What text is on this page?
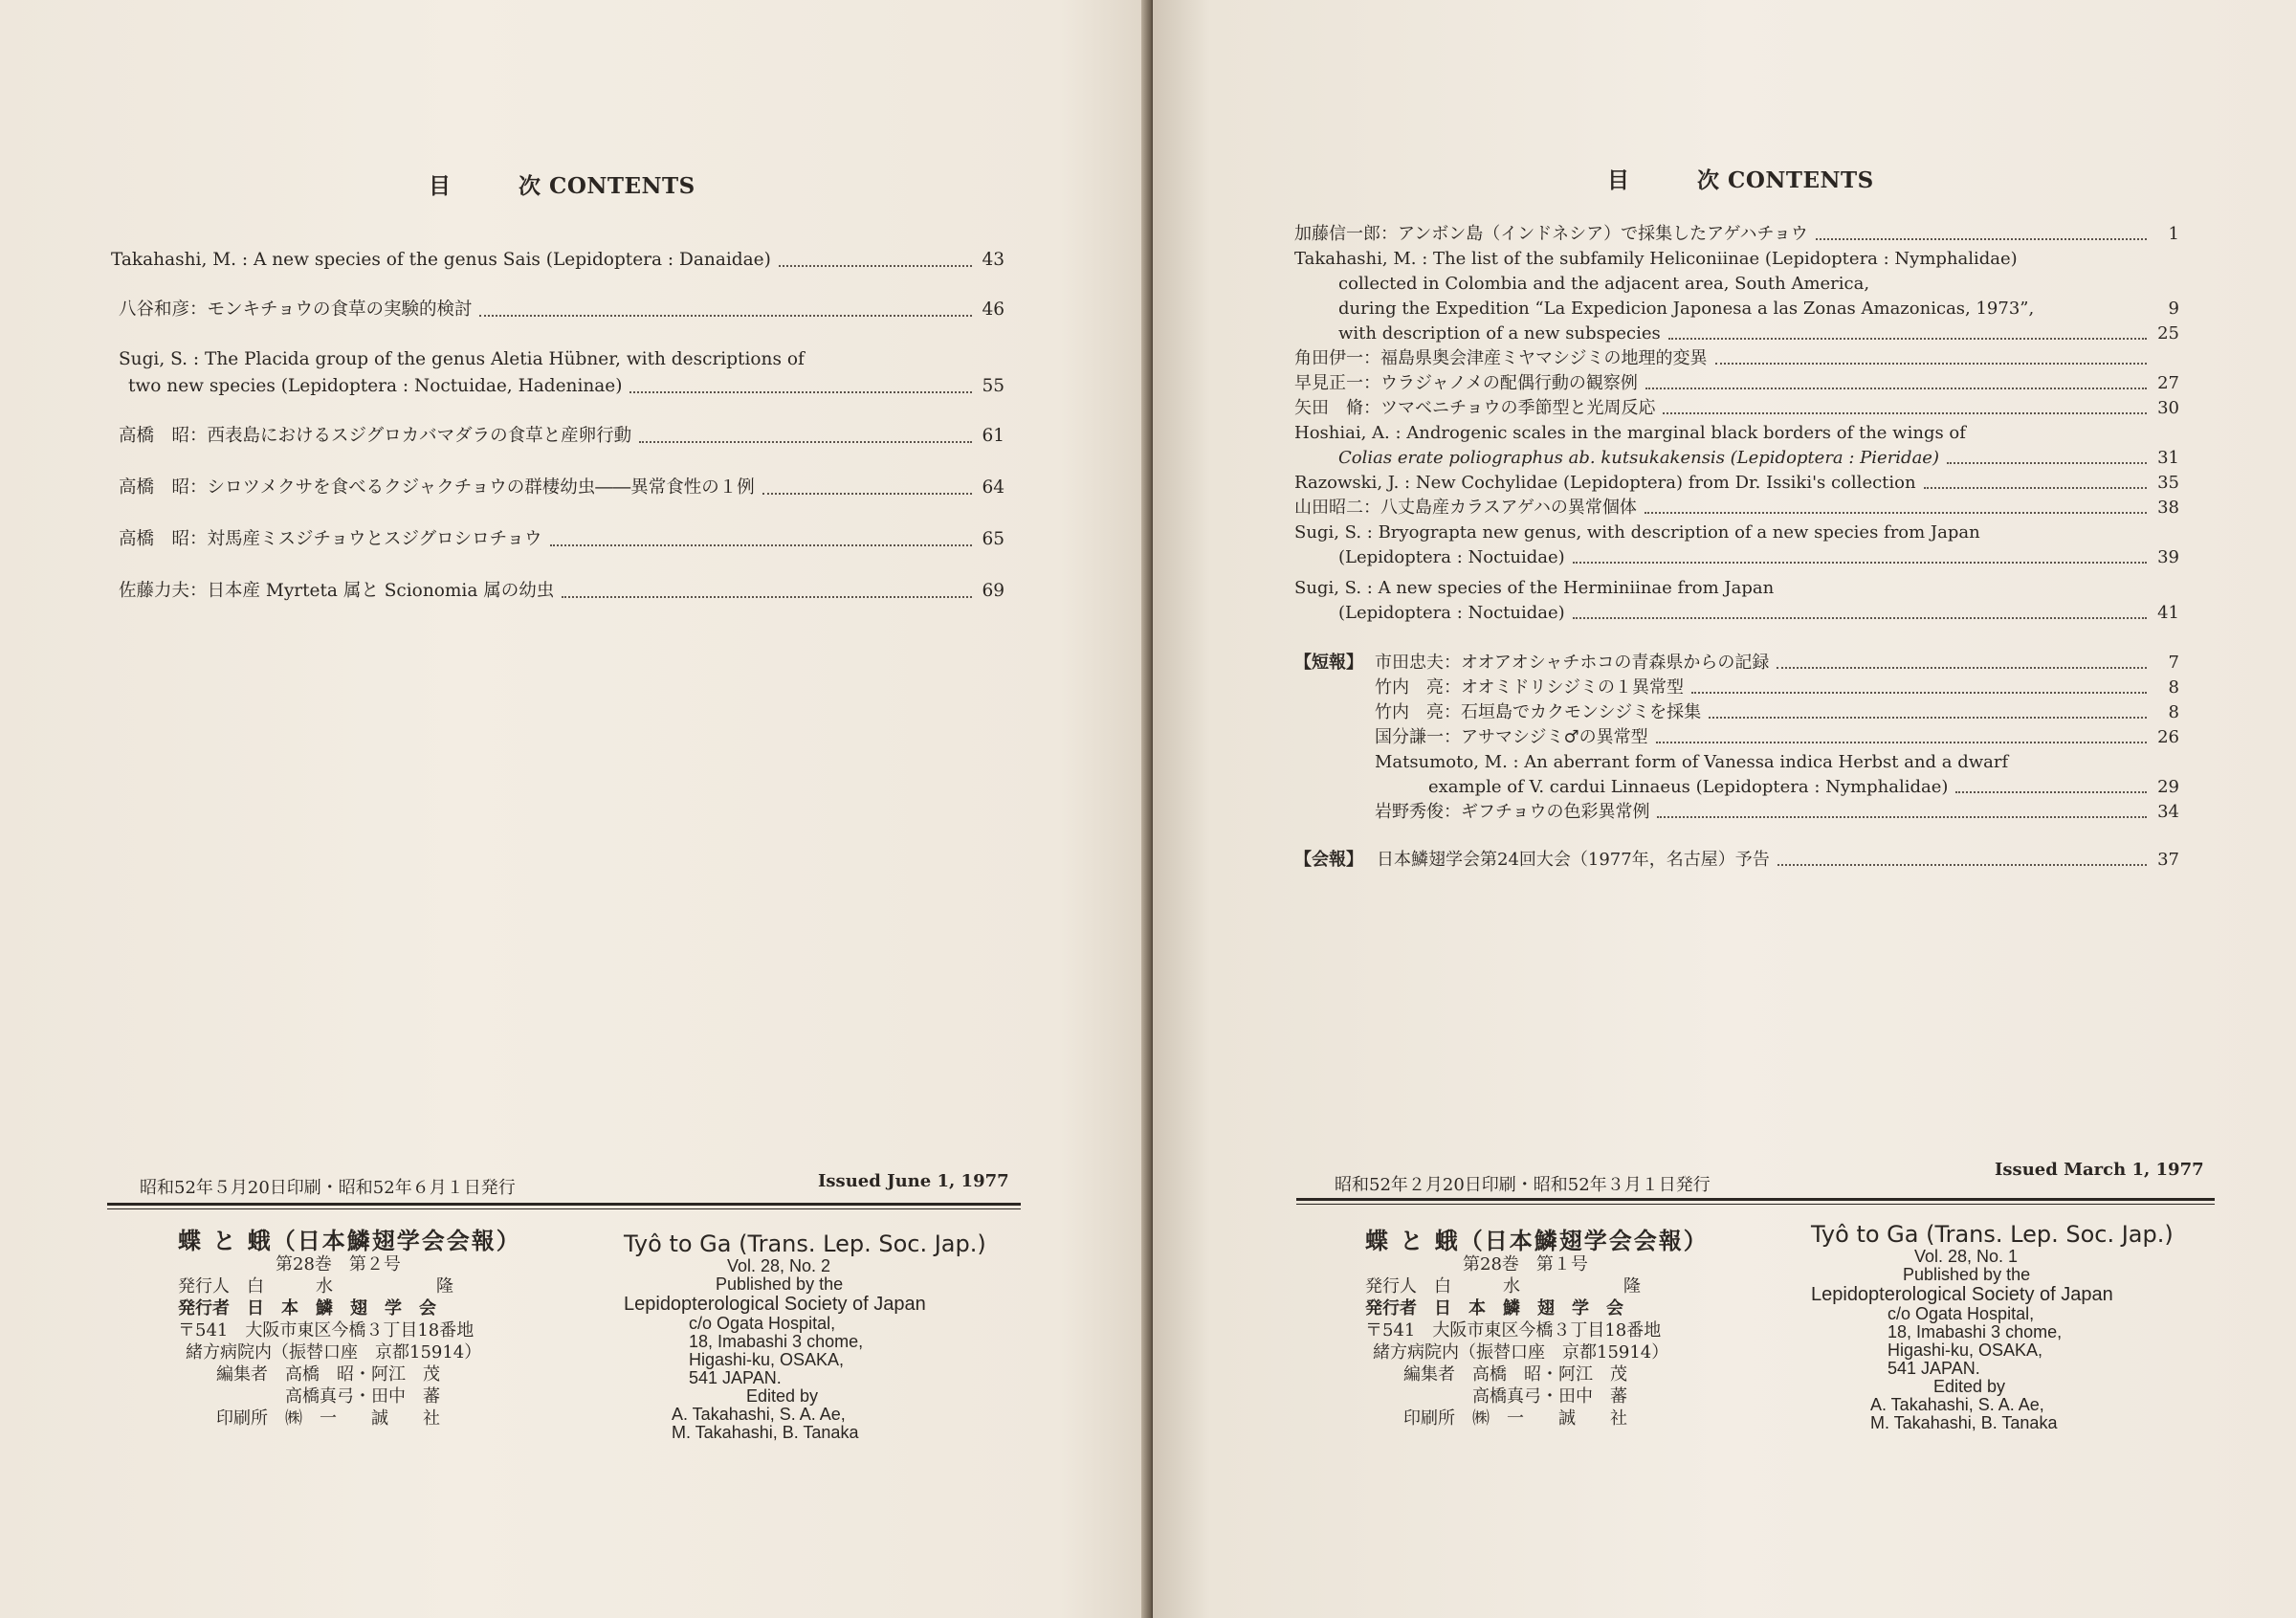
目　　　次 CONTENTS
Takahashi, M. : A new species of the genus Sais (Lepidoptera : Danaidae)	43
八谷和彦：モンキチョウの食草の実験的検討	46
Sugi, S. : The Placida group of the genus Aletia Hübner, with descriptions of
two new species (Lepidoptera : Noctuidae, Hadeninae)	55
高橋　昭：西表島におけるスジグロカバマダラの食草と産卵行動	61
高橋　昭：シロツメクサを食べるクジャクチョウの群棲幼虫――異常食性の１例	64
高橋　昭：対馬産ミスジチョウとスジグロシロチョウ	65
佐藤力夫：日本産 Myrteta 属と Scionomia 属の幼虫	69
昭和52年５月20日印刷・昭和52年６月１日発行	Issued June 1, 1977
蝶 と 蛾（日本鱗翅学会会報）
第28巻　第２号
発行人　白　　　水　　　　　　隆
発行者　日　本　鱗　翅　学　会
〒541　大阪市東区今橋３丁目18番地
緒方病院内（振替口座　京都15914）
編集者　高橋　昭・阿江　茂
　　　　高橋真弓・田中　蕃
印刷所　㈱　一　　誠　　社
Tyô to Ga (Trans. Lep. Soc. Jap.)
Vol. 28, No. 2
Published by the
Lepidopterological Society of Japan
c/o Ogata Hospital,
18, Imabashi 3 chome,
Higashi-ku, OSAKA,
541 JAPAN.
Edited by
A. Takahashi, S. A. Ae,
M. Takahashi, B. Tanaka
目　　　次 CONTENTS
加藤信一郎：アンボン島（インドネシア）で採集したアゲハチョウ	1
Takahashi, M. : The list of the subfamily Heliconiinae (Lepidoptera : Nymphalidae)
collected in Colombia and the adjacent area, South America,
during the Expedition “La Expedicion Japonesa a las Zonas Amazonicas, 1973”,	9
with description of a new subspecies	25
角田伊一：福島県奥会津産ミヤマシジミの地理的変異
早見正一：ウラジャノメの配偶行動の観察例	27
矢田　脩：ツマベニチョウの季節型と光周反応	30
Hoshiai, A. : Androgenic scales in the marginal black borders of the wings of
Colias erate poliographus ab. kutsukakensis (Lepidoptera : Pieridae)	31
Razowski, J. : New Cochylidae (Lepidoptera) from Dr. Issiki's collection	35
山田昭二：八丈島産カラスアゲハの異常個体	38
Sugi, S. : Bryograpta new genus, with description of a new species from Japan
(Lepidoptera : Noctuidae)	39
Sugi, S. : A new species of the Herminiinae from Japan
(Lepidoptera : Noctuidae)	41
【短報】 市田忠夫：オオアオシャチホコの青森県からの記録	7
竹内　亮：オオミドリシジミの１異常型	8
竹内　亮：石垣島でカクモンシジミを採集	8
国分謙一：アサマシジミ♂の異常型	26
Matsumoto, M. : An aberrant form of Vanessa indica Herbst and a dwarf
example of V. cardui Linnaeus (Lepidoptera : Nymphalidae)	29
岩野秀俊：ギフチョウの色彩異常例	34
【会報】 日本鱗翅学会第24回大会（1977年，名古屋）予告	37
昭和52年２月20日印刷・昭和52年３月１日発行
Issued March 1, 1977
蝶 と 蛾（日本鱗翅学会会報）
第28巻　第１号
発行人　白　　　水　　　　　　隆
発行者　日　本　鱗　翅　学　会
〒541　大阪市東区今橋３丁目18番地
緒方病院内（振替口座　京都15914）
編集者　高橋　昭・阿江　茂
　　　　高橋真弓・田中　蕃
印刷所　㈱　一　　誠　　社
Tyô to Ga (Trans. Lep. Soc. Jap.)
Vol. 28, No. 1
Published by the
Lepidopterological Society of Japan
c/o Ogata Hospital,
18, Imabashi 3 chome,
Higashi-ku, OSAKA,
541 JAPAN.
Edited by
A. Takahashi, S. A. Ae,
M. Takahashi, B. Tanaka
